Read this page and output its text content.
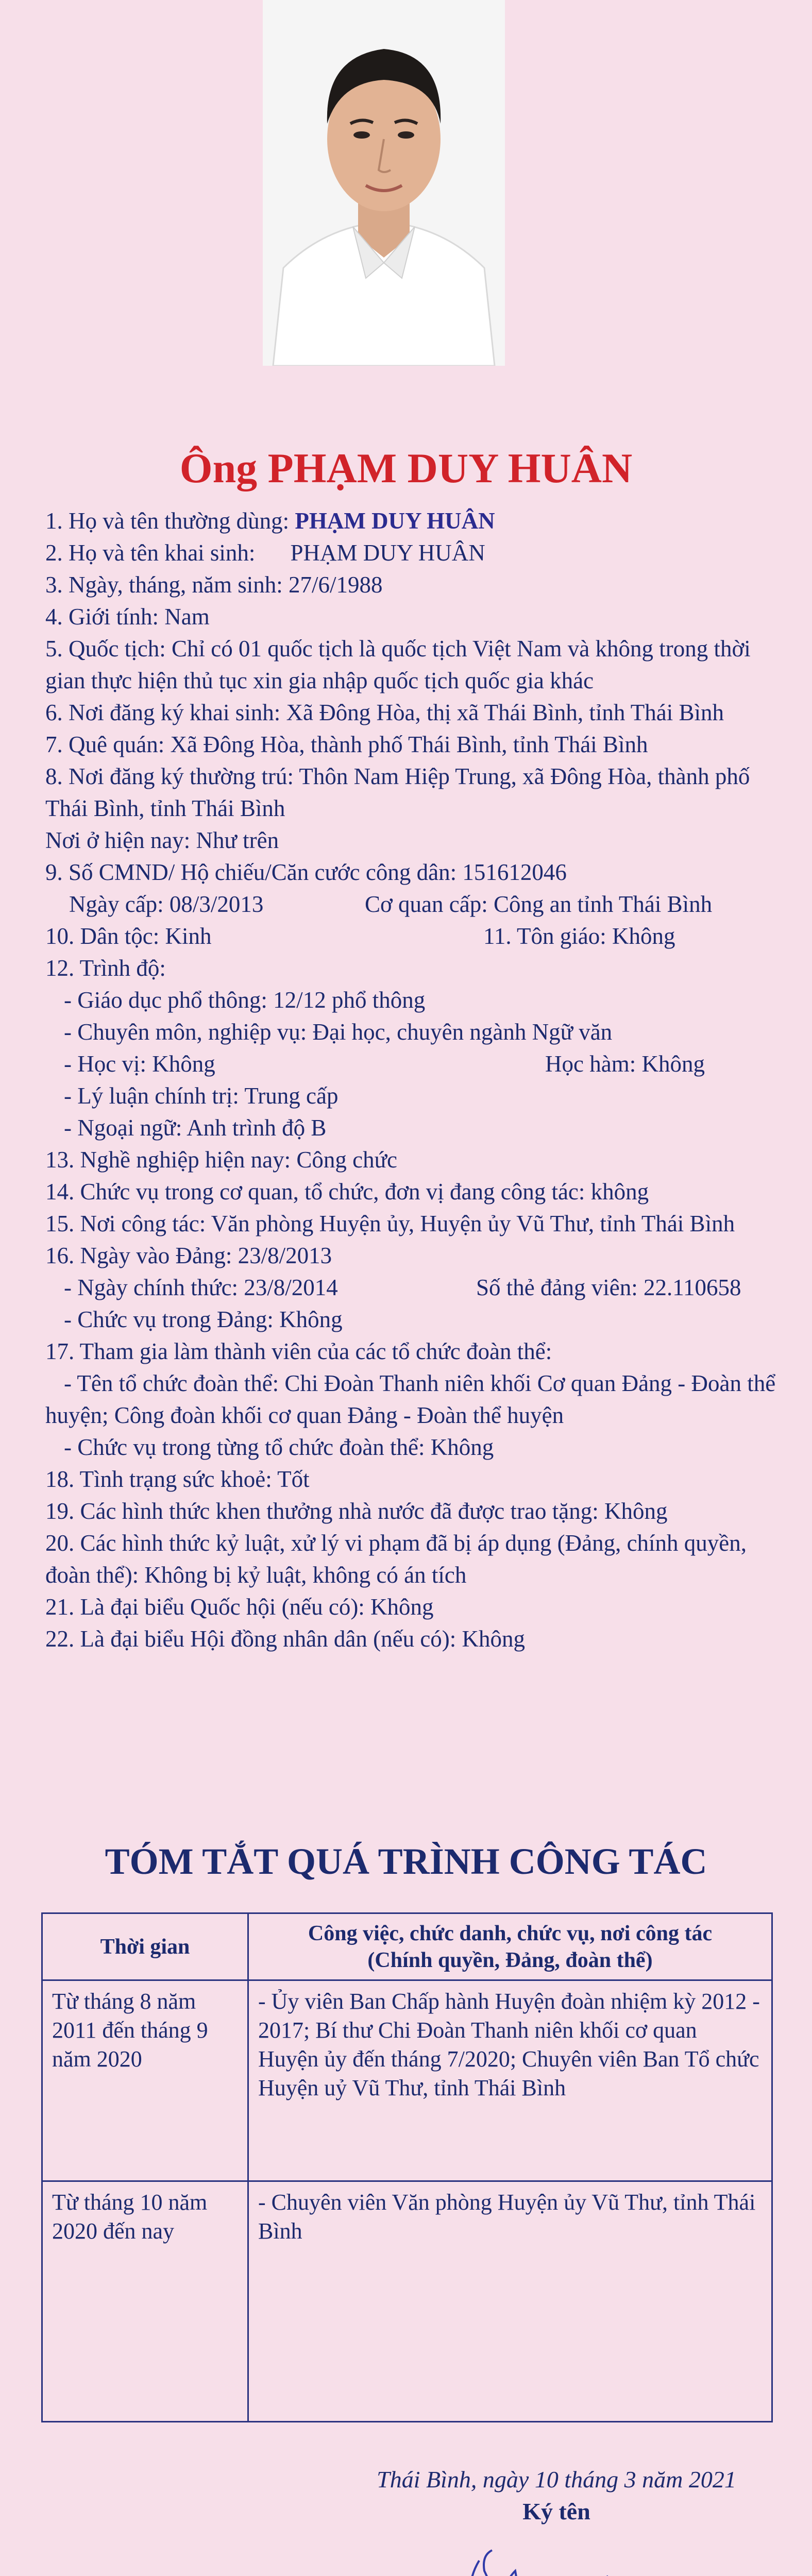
Ông PHẠM DUY HUÂN
1. Họ và tên thường dùng: PHẠM DUY HUÂN
2. Họ và tên khai sinh: PHẠM DUY HUÂN
3. Ngày, tháng, năm sinh: 27/6/1988
4. Giới tính: Nam
5. Quốc tịch: Chỉ có 01 quốc tịch là quốc tịch Việt Nam và không trong thời gian thực hiện thủ tục xin gia nhập quốc tịch quốc gia khác
6. Nơi đăng ký khai sinh: Xã Đông Hòa, thị xã Thái Bình, tỉnh Thái Bình
7. Quê quán: Xã Đông Hòa, thành phố Thái Bình, tỉnh Thái Bình
8. Nơi đăng ký thường trú: Thôn Nam Hiệp Trung, xã Đông Hòa, thành phố Thái Bình, tỉnh Thái Bình
Nơi ở hiện nay: Như trên
9. Số CMND/ Hộ chiếu/Căn cước công dân: 151612046
Ngày cấp: 08/3/2013	Cơ quan cấp: Công an tỉnh Thái Bình
10. Dân tộc: Kinh	11. Tôn giáo: Không
12. Trình độ:
- Giáo dục phổ thông: 12/12 phổ thông
- Chuyên môn, nghiệp vụ: Đại học, chuyên ngành Ngữ văn
- Học vị: Không	Học hàm: Không
- Lý luận chính trị: Trung cấp
- Ngoại ngữ: Anh trình độ B
13. Nghề nghiệp hiện nay: Công chức
14. Chức vụ trong cơ quan, tổ chức, đơn vị đang công tác: không
15. Nơi công tác: Văn phòng Huyện ủy, Huyện ủy Vũ Thư, tỉnh Thái Bình
16. Ngày vào Đảng: 23/8/2013
- Ngày chính thức: 23/8/2014	Số thẻ đảng viên: 22.110658
- Chức vụ trong Đảng: Không
17. Tham gia làm thành viên của các tổ chức đoàn thể:
- Tên tổ chức đoàn thể: Chi Đoàn Thanh niên khối Cơ quan Đảng - Đoàn thể huyện; Công đoàn khối cơ quan Đảng - Đoàn thể huyện
- Chức vụ trong từng tổ chức đoàn thể: Không
18. Tình trạng sức khoẻ: Tốt
19. Các hình thức khen thưởng nhà nước đã được trao tặng: Không
20. Các hình thức kỷ luật, xử lý vi phạm đã bị áp dụng (Đảng, chính quyền, đoàn thể): Không bị kỷ luật, không có án tích
21. Là đại biểu Quốc hội (nếu có): Không
22. Là đại biểu Hội đồng nhân dân (nếu có): Không
TÓM TẮT QUÁ TRÌNH CÔNG TÁC
Thời gian	Công việc, chức danh, chức vụ, nơi công tác
(Chính quyền, Đảng, đoàn thể)

Từ tháng 8 năm 2011 đến tháng 9 năm 2020	- Ủy viên Ban Chấp hành Huyện đoàn nhiệm kỳ 2012 - 2017; Bí thư Chi Đoàn Thanh niên khối cơ quan Huyện ủy đến tháng 7/2020; Chuyên viên Ban Tổ chức Huyện uỷ Vũ Thư, tỉnh Thái Bình
Từ tháng 10 năm 2020 đến nay	- Chuyên viên Văn phòng Huyện ủy Vũ Thư, tỉnh Thái Bình
Thái Bình, ngày 10 tháng 3 năm 2021
Ký tên
